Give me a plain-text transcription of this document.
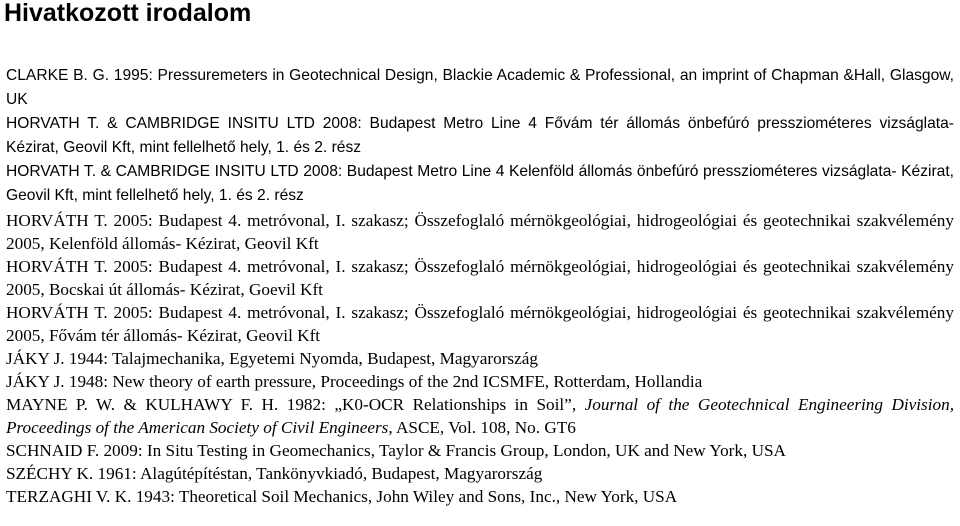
Hivatkozott irodalom
CLARKE B. G. 1995: Pressuremeters in Geotechnical Design, Blackie Academic & Professional, an imprint of Chapman &Hall, Glasgow, UK
HORVATH T. & CAMBRIDGE INSITU LTD 2008: Budapest Metro Line 4 Fővám tér állomás önbefúró pressziométeres vizságlata- Kézirat, Geovil Kft, mint fellelhető hely, 1. és 2. rész
HORVATH T. & CAMBRIDGE INSITU LTD 2008: Budapest Metro Line 4 Kelenföld állomás önbefúró pressziométeres vizságlata- Kézirat, Geovil Kft, mint fellelhető hely, 1. és 2. rész
HORVÁTH T. 2005: Budapest 4. metróvonal, I. szakasz; Összefoglaló mérnökgeológiai, hidrogeológiai és geotechnikai szakvélemény 2005, Kelenföld állomás- Kézirat, Geovil Kft
HORVÁTH T. 2005: Budapest 4. metróvonal, I. szakasz; Összefoglaló mérnökgeológiai, hidrogeológiai és geotechnikai szakvélemény 2005, Bocskai út állomás- Kézirat, Goevil Kft
HORVÁTH T. 2005: Budapest 4. metróvonal, I. szakasz; Összefoglaló mérnökgeológiai, hidrogeológiai és geotechnikai szakvélemény 2005, Fővám tér állomás- Kézirat, Geovil Kft
JÁKY J. 1944: Talajmechanika, Egyetemi Nyomda, Budapest, Magyarország
JÁKY J. 1948: New theory of earth pressure, Proceedings of the 2nd ICSMFE, Rotterdam, Hollandia
MAYNE P. W. & KULHAWY F. H. 1982: „K0-OCR Relationships in Soil”, Journal of the Geotechnical Engineering Division, Proceedings of the American Society of Civil Engineers, ASCE, Vol. 108, No. GT6
SCHNAID F. 2009: In Situ Testing in Geomechanics, Taylor & Francis Group, London, UK and New York, USA
SZÉCHY K. 1961: Alagútépítéstan, Tankönyvkiadó, Budapest, Magyarország
TERZAGHI V. K. 1943: Theoretical Soil Mechanics, John Wiley and Sons, Inc., New York, USA
